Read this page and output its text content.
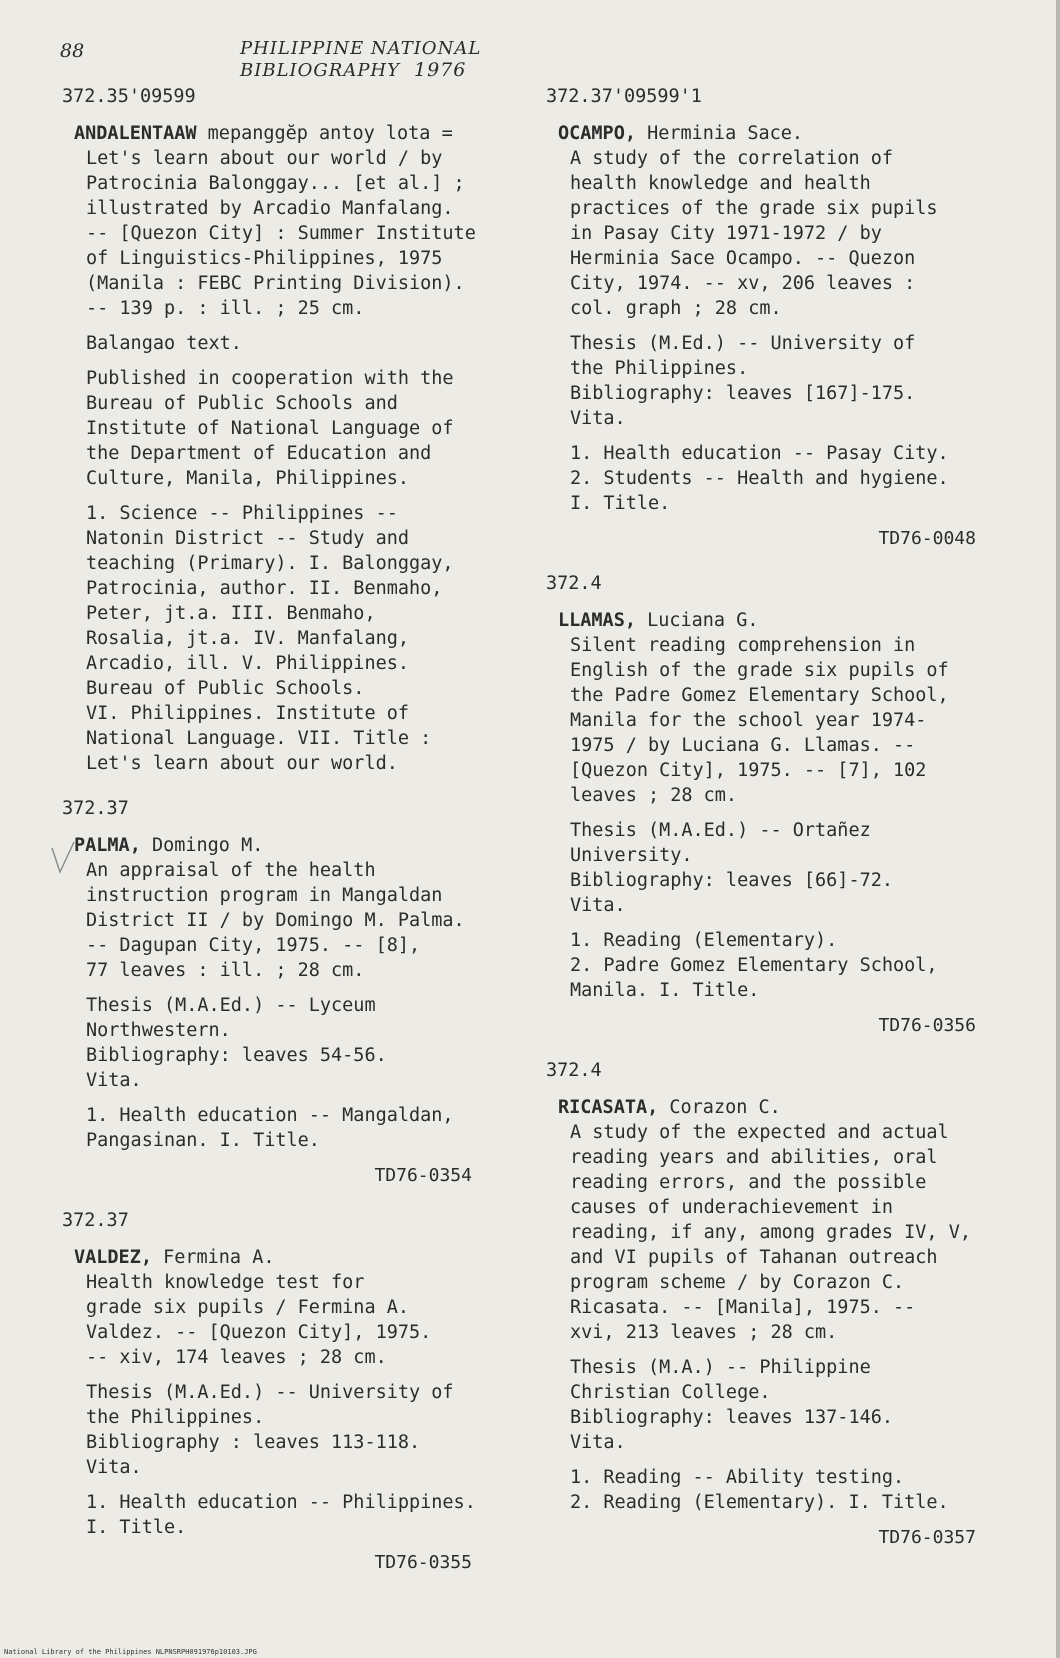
88	PHILIPPINE NATIONAL BIBLIOGRAPHY 1976
372.35'09599
ANDALENTAAW mepanggĕp antoy lota =
Let's learn about our world / by
Patrocinia Balonggay... [et al.] ;
illustrated by Arcadio Manfalang.
-- [Quezon City] : Summer Institute
of Linguistics-Philippines, 1975
(Manila : FEBC Printing Division).
-- 139 p. : ill. ; 25 cm.
Balangao text.
Published in cooperation with the
Bureau of Public Schools and
Institute of National Language of
the Department of Education and
Culture, Manila, Philippines.
1. Science -- Philippines --
Natonin District -- Study and
teaching (Primary). I. Balonggay,
Patrocinia, author. II. Benmaho,
Peter, jt.a. III. Benmaho,
Rosalia, jt.a. IV. Manfalang,
Arcadio, ill. V. Philippines.
Bureau of Public Schools.
VI. Philippines. Institute of
National Language. VII. Title :
Let's learn about our world.
372.37
PALMA, Domingo M.
An appraisal of the health
instruction program in Mangaldan
District II / by Domingo M. Palma.
-- Dagupan City, 1975. -- [8],
77 leaves : ill. ; 28 cm.
Thesis (M.A.Ed.) -- Lyceum
Northwestern.
Bibliography: leaves 54-56.
Vita.
1. Health education -- Mangaldan,
Pangasinan. I. Title.
TD76-0354
372.37
VALDEZ, Fermina A.
Health knowledge test for
grade six pupils / Fermina A.
Valdez. -- [Quezon City], 1975.
-- xiv, 174 leaves ; 28 cm.
Thesis (M.A.Ed.) -- University of
the Philippines.
Bibliography : leaves 113-118.
Vita.
1. Health education -- Philippines.
I. Title.
TD76-0355
372.37'09599'1
OCAMPO, Herminia Sace.
A study of the correlation of
health knowledge and health
practices of the grade six pupils
in Pasay City 1971-1972 / by
Herminia Sace Ocampo. -- Quezon
City, 1974. -- xv, 206 leaves :
col. graph ; 28 cm.
Thesis (M.Ed.) -- University of
the Philippines.
Bibliography: leaves [167]-175.
Vita.
1. Health education -- Pasay City.
2. Students -- Health and hygiene.
I. Title.
TD76-0048
372.4
LLAMAS, Luciana G.
Silent reading comprehension in
English of the grade six pupils of
the Padre Gomez Elementary School,
Manila for the school year 1974-
1975 / by Luciana G. Llamas. --
[Quezon City], 1975. -- [7], 102
leaves ; 28 cm.
Thesis (M.A.Ed.) -- Ortañez
University.
Bibliography: leaves [66]-72.
Vita.
1. Reading (Elementary).
2. Padre Gomez Elementary School,
Manila. I. Title.
TD76-0356
372.4
RICASATA, Corazon C.
A study of the expected and actual
reading years and abilities, oral
reading errors, and the possible
causes of underachievement in
reading, if any, among grades IV, V,
and VI pupils of Tahanan outreach
program scheme / by Corazon C.
Ricasata. -- [Manila], 1975. --
xvi, 213 leaves ; 28 cm.
Thesis (M.A.) -- Philippine
Christian College.
Bibliography: leaves 137-146.
Vita.
1. Reading -- Ability testing.
2. Reading (Elementary). I. Title.
TD76-0357
National Library of the Philippines NLPNSRPH091976p10103.JPG
